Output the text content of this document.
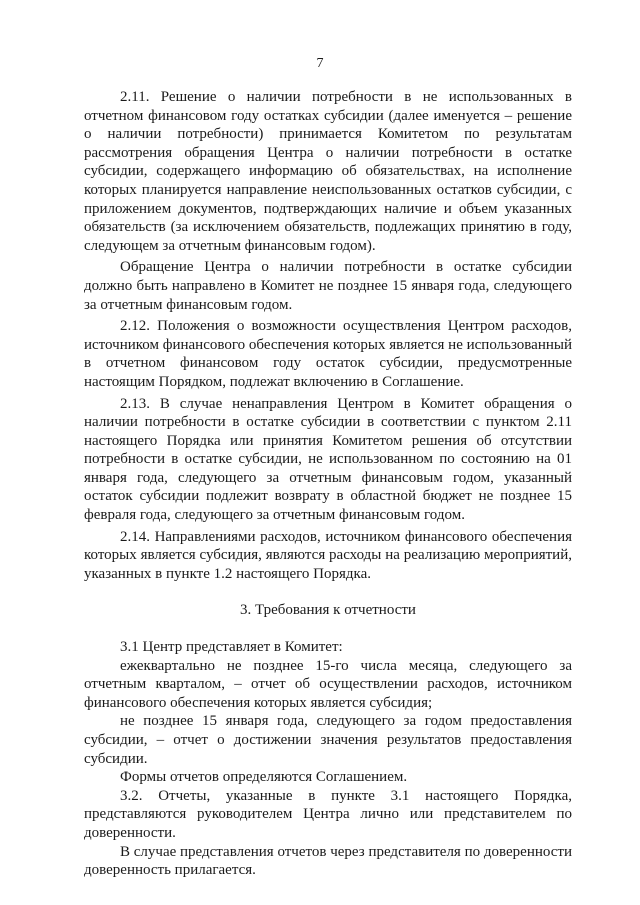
7

2.11. Решение о наличии потребности в не использованных в отчетном финансовом году остатках субсидии (далее именуется – решение о наличии потребности) принимается Комитетом по результатам рассмотрения обращения Центра о наличии потребности в остатке субсидии, содержащего информацию об обязательствах, на исполнение которых планируется направление неиспользованных остатков субсидии, с приложением документов, подтверждающих наличие и объем указанных обязательств (за исключением обязательств, подлежащих принятию в году, следующем за отчетным финансовым годом).

Обращение Центра о наличии потребности в остатке субсидии должно быть направлено в Комитет не позднее 15 января года, следующего за отчетным финансовым годом.

2.12. Положения о возможности осуществления Центром расходов, источником финансового обеспечения которых является не использованный в отчетном финансовом году остаток субсидии, предусмотренные настоящим Порядком, подлежат включению в Соглашение.

2.13. В случае ненаправления Центром в Комитет обращения о наличии потребности в остатке субсидии в соответствии с пунктом 2.11 настоящего Порядка или принятия Комитетом решения об отсутствии потребности в остатке субсидии, не использованном по состоянию на 01 января года, следующего за отчетным финансовым годом, указанный остаток субсидии подлежит возврату в областной бюджет не позднее 15 февраля года, следующего за отчетным финансовым годом.

2.14. Направлениями расходов, источником финансового обеспечения которых является субсидия, являются расходы на реализацию мероприятий, указанных в пункте 1.2 настоящего Порядка.

3. Требования к отчетности

3.1 Центр представляет в Комитет:

ежеквартально не позднее 15-го числа месяца, следующего за отчетным кварталом, – отчет об осуществлении расходов, источником финансового обеспечения которых является субсидия;

не позднее 15 января года, следующего за годом предоставления субсидии, – отчет о достижении значения результатов предоставления субсидии.

Формы отчетов определяются Соглашением.

3.2. Отчеты, указанные в пункте 3.1 настоящего Порядка, представляются руководителем Центра лично или представителем по доверенности.

В случае представления отчетов через представителя по доверенности доверенность прилагается.
